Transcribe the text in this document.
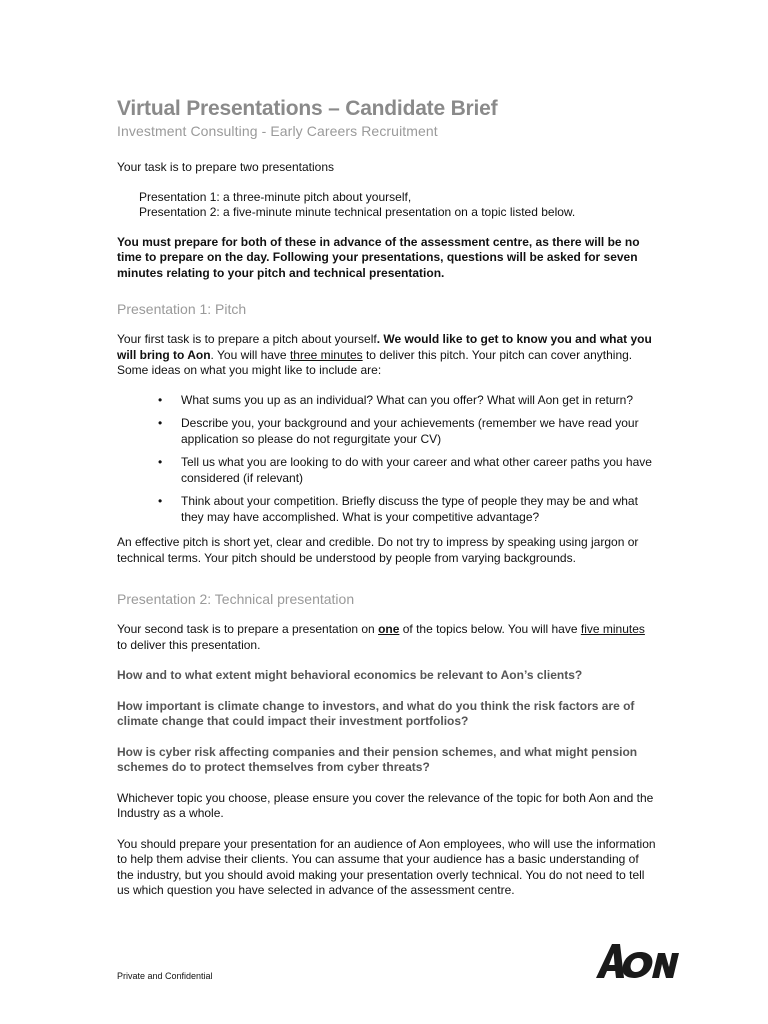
Virtual Presentations – Candidate Brief
Investment Consulting - Early Careers Recruitment

Your task is to prepare two presentations

Presentation 1: a three-minute pitch about yourself,

Presentation 2: a five-minute minute technical presentation on a topic listed below.

You must prepare for both of these in advance of the assessment centre, as there will be no time to prepare on the day. Following your presentations, questions will be asked for seven minutes relating to your pitch and technical presentation.

Presentation 1: Pitch

Your first task is to prepare a pitch about yourself. We would like to get to know you and what you will bring to Aon. You will have three minutes to deliver this pitch. Your pitch can cover anything. Some ideas on what you might like to include are:

• What sums you up as an individual? What can you offer? What will Aon get in return?
• Describe you, your background and your achievements (remember we have read your application so please do not regurgitate your CV)
• Tell us what you are looking to do with your career and what other career paths you have considered (if relevant)
• Think about your competition. Briefly discuss the type of people they may be and what they may have accomplished. What is your competitive advantage?

An effective pitch is short yet, clear and credible. Do not try to impress by speaking using jargon or technical terms. Your pitch should be understood by people from varying backgrounds.

Presentation 2: Technical presentation

Your second task is to prepare a presentation on one of the topics below. You will have five minutes to deliver this presentation.

How and to what extent might behavioral economics be relevant to Aon’s clients?

How important is climate change to investors, and what do you think the risk factors are of climate change that could impact their investment portfolios?

How is cyber risk affecting companies and their pension schemes, and what might pension schemes do to protect themselves from cyber threats?

Whichever topic you choose, please ensure you cover the relevance of the topic for both Aon and the Industry as a whole.

You should prepare your presentation for an audience of Aon employees, who will use the information to help them advise their clients. You can assume that your audience has a basic understanding of the industry, but you should avoid making your presentation overly technical. You do not need to tell us which question you have selected in advance of the assessment centre.

Private and Confidential
